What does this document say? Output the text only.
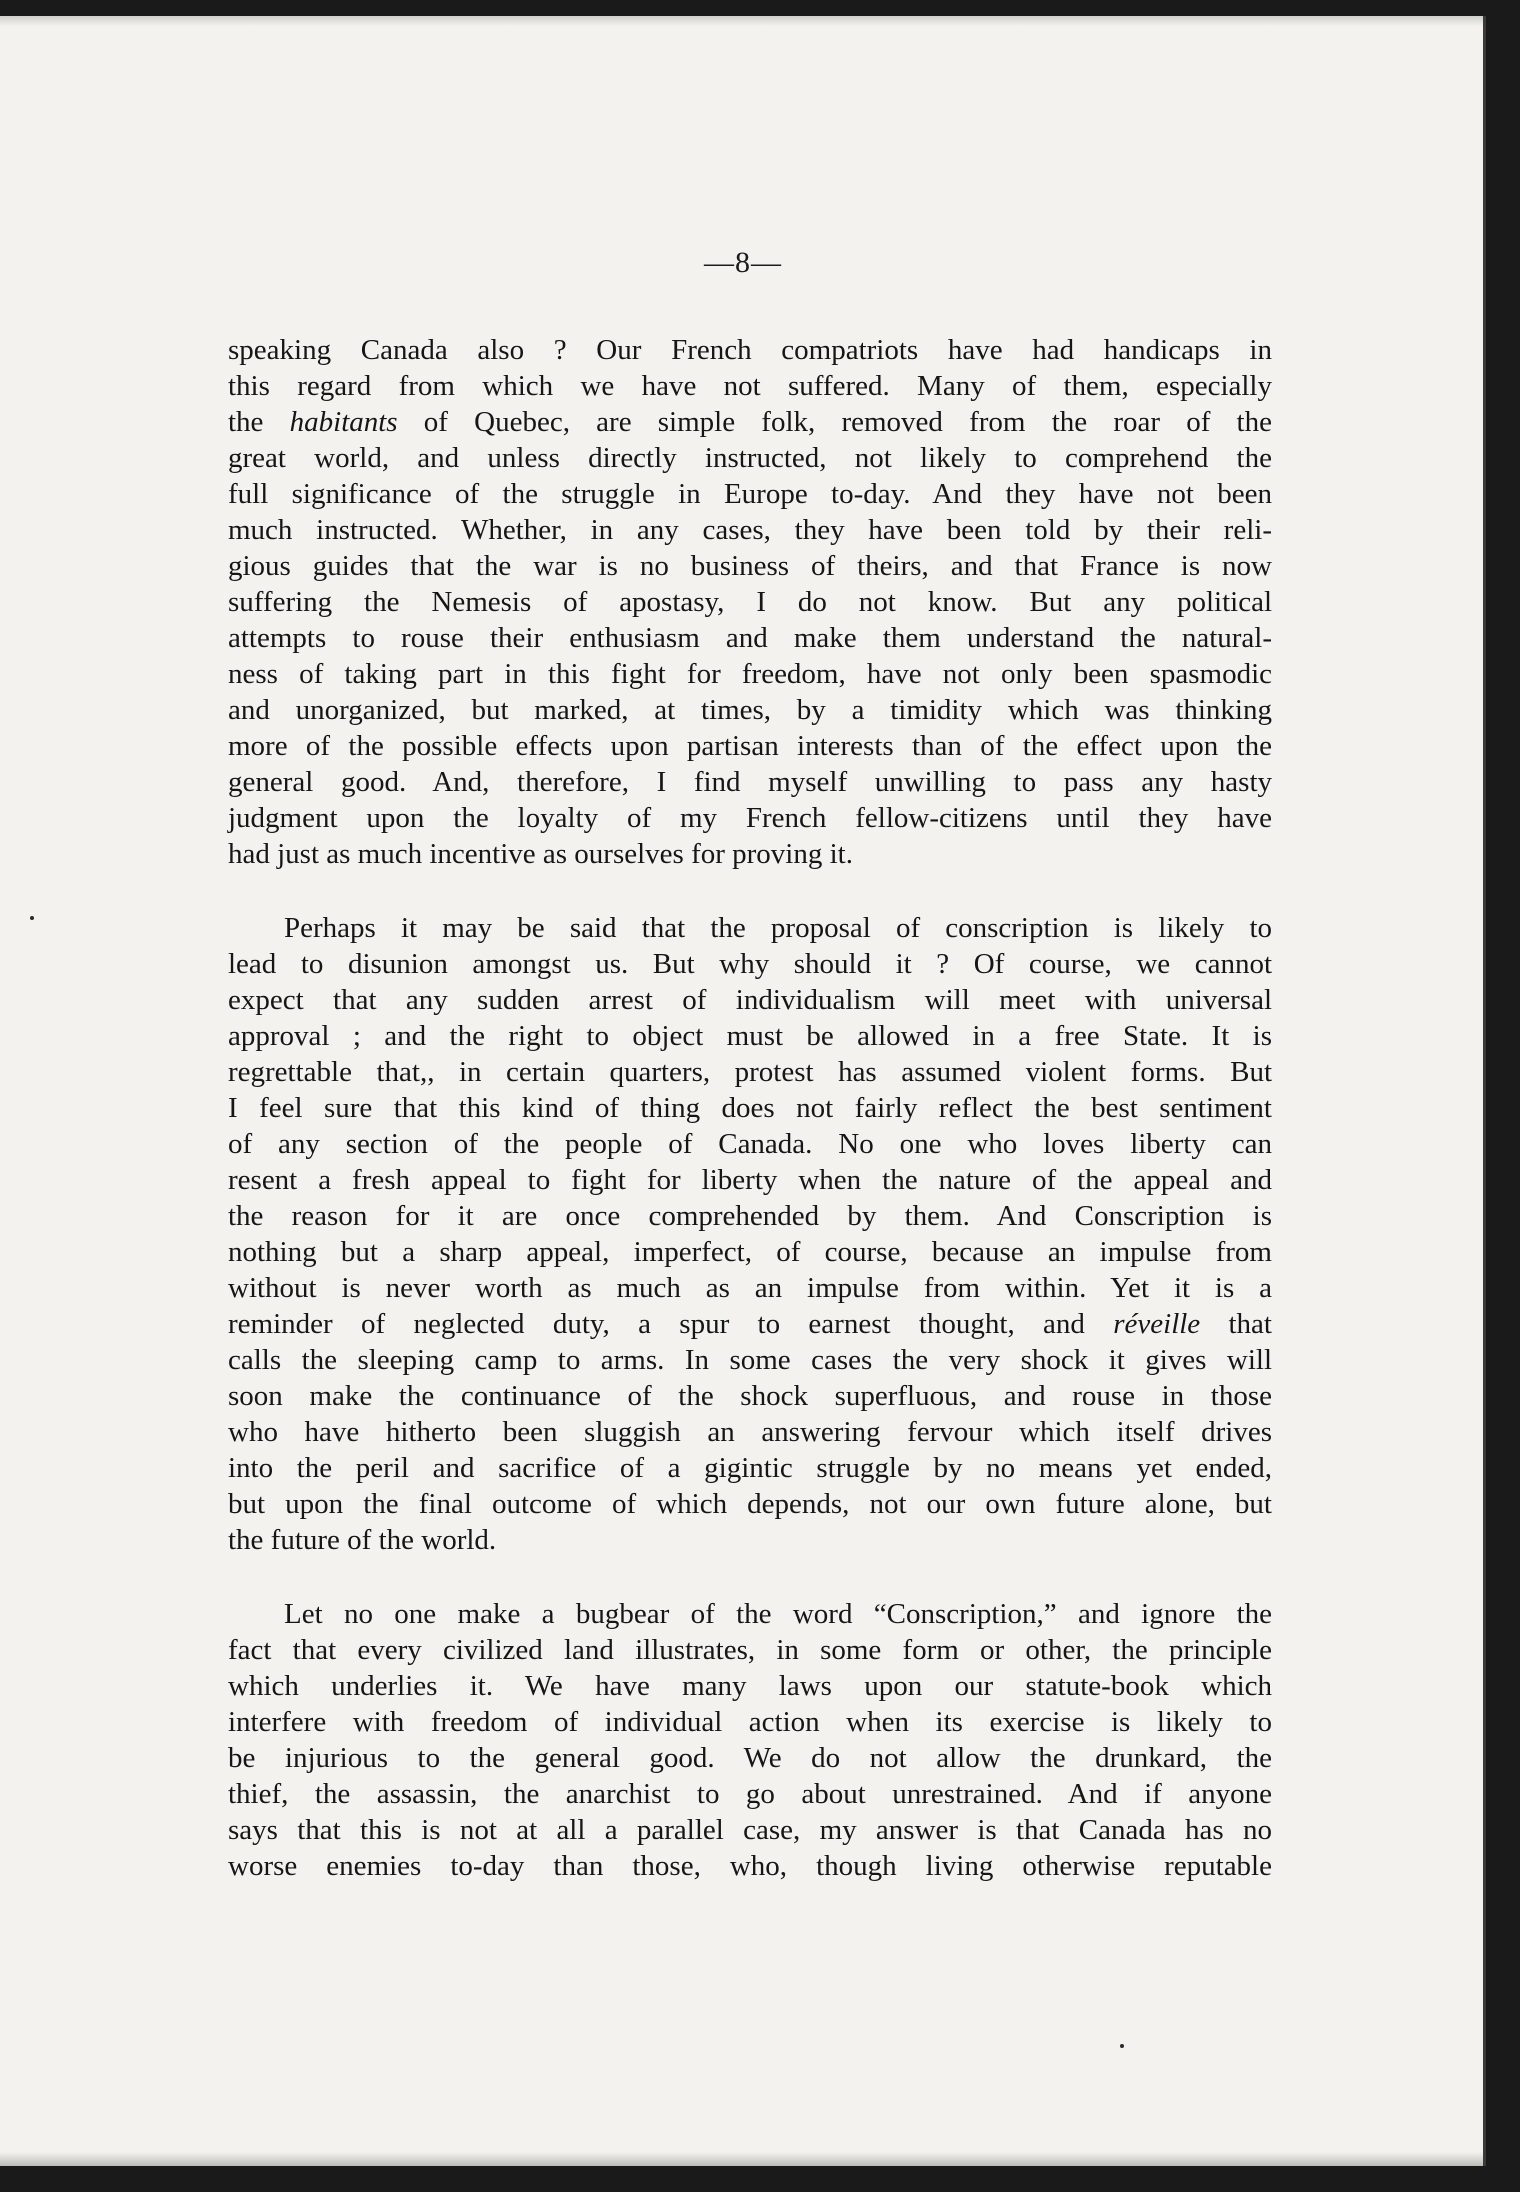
—8—
speaking Canada also ? Our French compatriots have had handicaps in
this regard from which we have not suffered. Many of them, especially
the habitants of Quebec, are simple folk, removed from the roar of the
great world, and unless directly instructed, not likely to comprehend the
full significance of the struggle in Europe to-day. And they have not been
much instructed. Whether, in any cases, they have been told by their reli-
gious guides that the war is no business of theirs, and that France is now
suffering the Nemesis of apostasy, I do not know. But any political
attempts to rouse their enthusiasm and make them understand the natural-
ness of taking part in this fight for freedom, have not only been spasmodic
and unorganized, but marked, at times, by a timidity which was thinking
more of the possible effects upon partisan interests than of the effect upon the
general good. And, therefore, I find myself unwilling to pass any hasty
judgment upon the loyalty of my French fellow-citizens until they have
had just as much incentive as ourselves for proving it.
Perhaps it may be said that the proposal of conscription is likely to
lead to disunion amongst us. But why should it ? Of course, we cannot
expect that any sudden arrest of individualism will meet with universal
approval ; and the right to object must be allowed in a free State. It is
regrettable that,, in certain quarters, protest has assumed violent forms. But
I feel sure that this kind of thing does not fairly reflect the best sentiment
of any section of the people of Canada. No one who loves liberty can
resent a fresh appeal to fight for liberty when the nature of the appeal and
the reason for it are once comprehended by them. And Conscription is
nothing but a sharp appeal, imperfect, of course, because an impulse from
without is never worth as much as an impulse from within. Yet it is a
reminder of neglected duty, a spur to earnest thought, and réveille that
calls the sleeping camp to arms. In some cases the very shock it gives will
soon make the continuance of the shock superfluous, and rouse in those
who have hitherto been sluggish an answering fervour which itself drives
into the peril and sacrifice of a gigintic struggle by no means yet ended,
but upon the final outcome of which depends, not our own future alone, but
the future of the world.
Let no one make a bugbear of the word “Conscription,” and ignore the
fact that every civilized land illustrates, in some form or other, the principle
which underlies it. We have many laws upon our statute-book which
interfere with freedom of individual action when its exercise is likely to
be injurious to the general good. We do not allow the drunkard, the
thief, the assassin, the anarchist to go about unrestrained. And if anyone
says that this is not at all a parallel case, my answer is that Canada has no
worse enemies to-day than those, who, though living otherwise reputable
